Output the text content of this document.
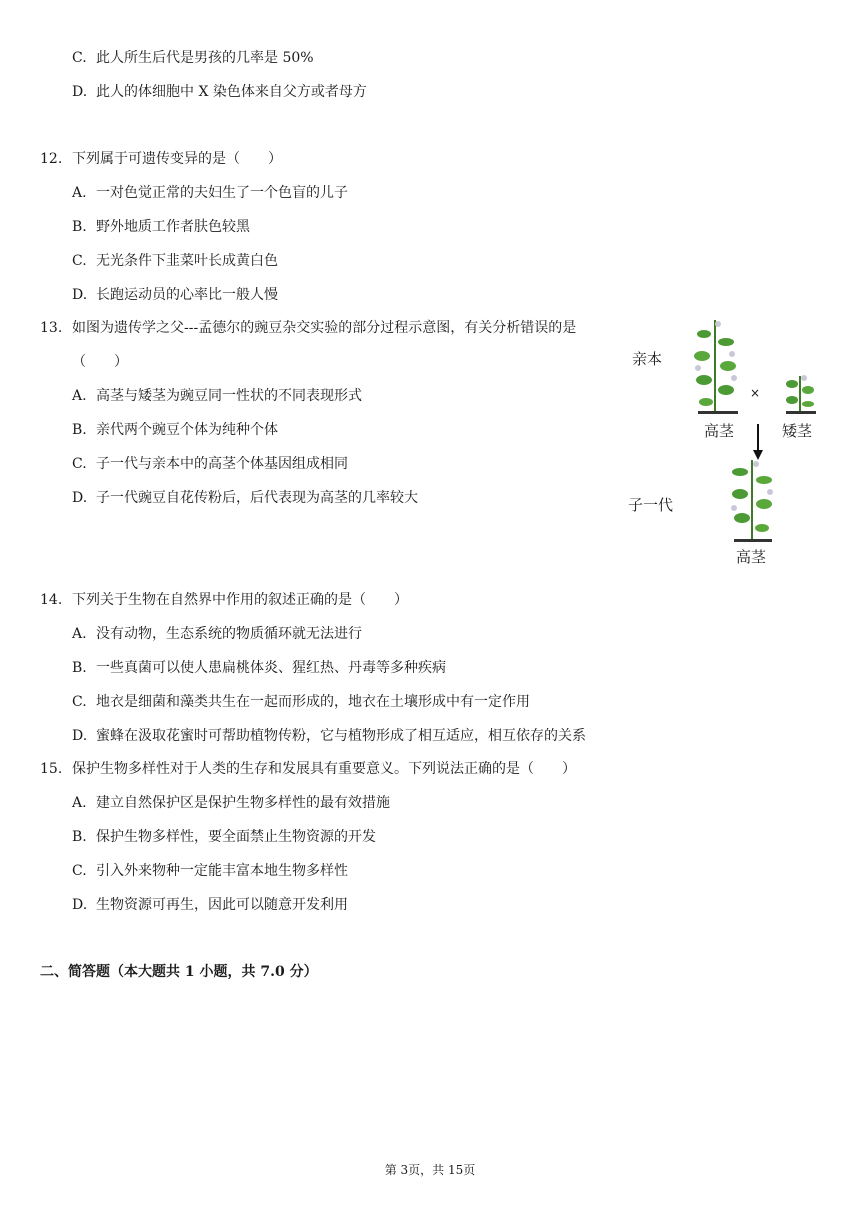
C. 此人所生后代是男孩的几率是 50%
D. 此人的体细胞中 X 染色体来自父方或者母方
12. 下列属于可遗传变异的是（　　）
A. 一对色觉正常的夫妇生了一个色盲的儿子
B. 野外地质工作者肤色较黑
C. 无光条件下韭菜叶长成黄白色
D. 长跑运动员的心率比一般人慢
13. 如图为遗传学之父---孟德尔的豌豆杂交实验的部分过程示意图，有关分析错误的是
（　　）
A. 高茎与矮茎为豌豆同一性状的不同表现形式
B. 亲代两个豌豆个体为纯种个体
C. 子一代与亲本中的高茎个体基因组成相同
D. 子一代豌豆自花传粉后，后代表现为高茎的几率较大
亲本
高茎
×
矮茎
子一代
高茎
14. 下列关于生物在自然界中作用的叙述正确的是（　　）
A. 没有动物，生态系统的物质循环就无法进行
B. 一些真菌可以使人患扁桃体炎、猩红热、丹毒等多种疾病
C. 地衣是细菌和藻类共生在一起而形成的，地衣在土壤形成中有一定作用
D. 蜜蜂在汲取花蜜时可帮助植物传粉，它与植物形成了相互适应，相互依存的关系
15. 保护生物多样性对于人类的生存和发展具有重要意义。下列说法正确的是（　　）
A. 建立自然保护区是保护生物多样性的最有效措施
B. 保护生物多样性，要全面禁止生物资源的开发
C. 引入外来物种一定能丰富本地生物多样性
D. 生物资源可再生，因此可以随意开发利用
二、简答题（本大题共 1 小题，共 7.0 分）
第 3页，共 15页
